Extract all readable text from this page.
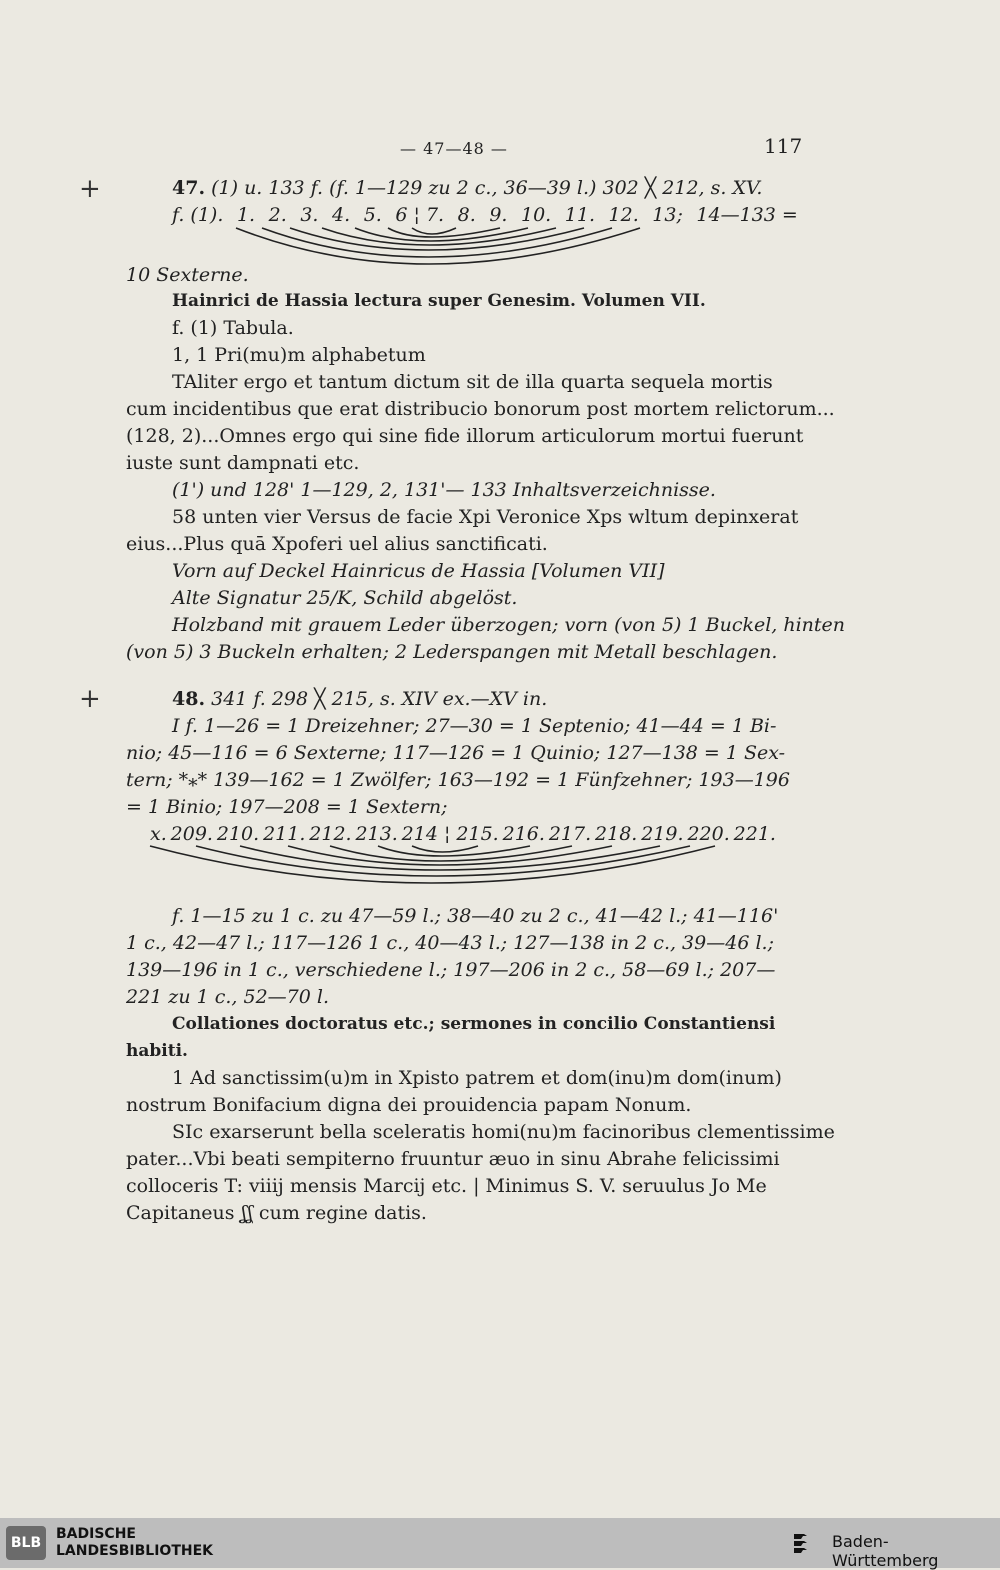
— 47—48 —	117
+	47. (1) u. 133 f. (f. 1—129 zu 2 c., 36—39 l.) 302 ╳ 212, s. XV.
f. (1). 1. 2. 3. 4. 5. 6 ¦ 7. 8. 9. 10. 11. 12. 13; 14—133 =
10 Sexterne.
Hainrici de Hassia lectura super Genesim. Volumen VII.
f. (1) Tabula.
1, 1 Pri(mu)m alphabetum
TAliter ergo et tantum dictum sit de illa quarta sequela mortis
cum incidentibus que erat distribucio bonorum post mortem relictorum...
(128, 2)...Omnes ergo qui sine fide illorum articulorum mortui fuerunt
iuste sunt dampnati etc.
(1') und 128' 1—129, 2, 131'— 133 Inhaltsverzeichnisse.
58 unten vier Versus de facie Xpi Veronice Xps wltum depinxerat
eius...Plus quā Xpoferi uel alius sanctificati.
Vorn auf Deckel Hainricus de Hassia [Volumen VII]
Alte Signatur 25/K, Schild abgelöst.
Holzband mit grauem Leder überzogen; vorn (von 5) 1 Buckel, hinten
(von 5) 3 Buckeln erhalten; 2 Lederspangen mit Metall beschlagen.
+	48. 341 f. 298 ╳ 215, s. XIV ex.—XV in.
I f. 1—26 = 1 Dreizehner; 27—30 = 1 Septenio; 41—44 = 1 Bi-
nio; 45—116 = 6 Sexterne; 117—126 = 1 Quinio; 127—138 = 1 Sex-
tern; *⁎* 139—162 = 1 Zwölfer; 163—192 = 1 Fünfzehner; 193—196
= 1 Binio; 197—208 = 1 Sextern;
x. 209. 210. 211. 212. 213. 214 ¦ 215. 216. 217. 218. 219. 220. 221.
f. 1—15 zu 1 c. zu 47—59 l.; 38—40 zu 2 c., 41—42 l.; 41—116'
1 c., 42—47 l.; 117—126 1 c., 40—43 l.; 127—138 in 2 c., 39—46 l.;
139—196 in 1 c., verschiedene l.; 197—206 in 2 c., 58—69 l.; 207—
221 zu 1 c., 52—70 l.
Collationes doctoratus etc.; sermones in concilio Constantiensi
habiti.
1 Ad sanctissim(u)m in Xpisto patrem et dom(inu)m dom(inum)
nostrum Bonifacium digna dei prouidencia papam Nonum.
SIc exarserunt bella sceleratis homi(nu)m facinoribus clementissime
pater...Vbi beati sempiterno fruuntur æuo in sinu Abrahe felicissimi
colloceris T: viiij mensis Marcij etc. | Minimus S. V. seruulus Jo Me
Capitaneus ʆʆ cum regine datis.
BLB
BADISCHE
LANDESBIBLIOTHEK	Baden-Württemberg
